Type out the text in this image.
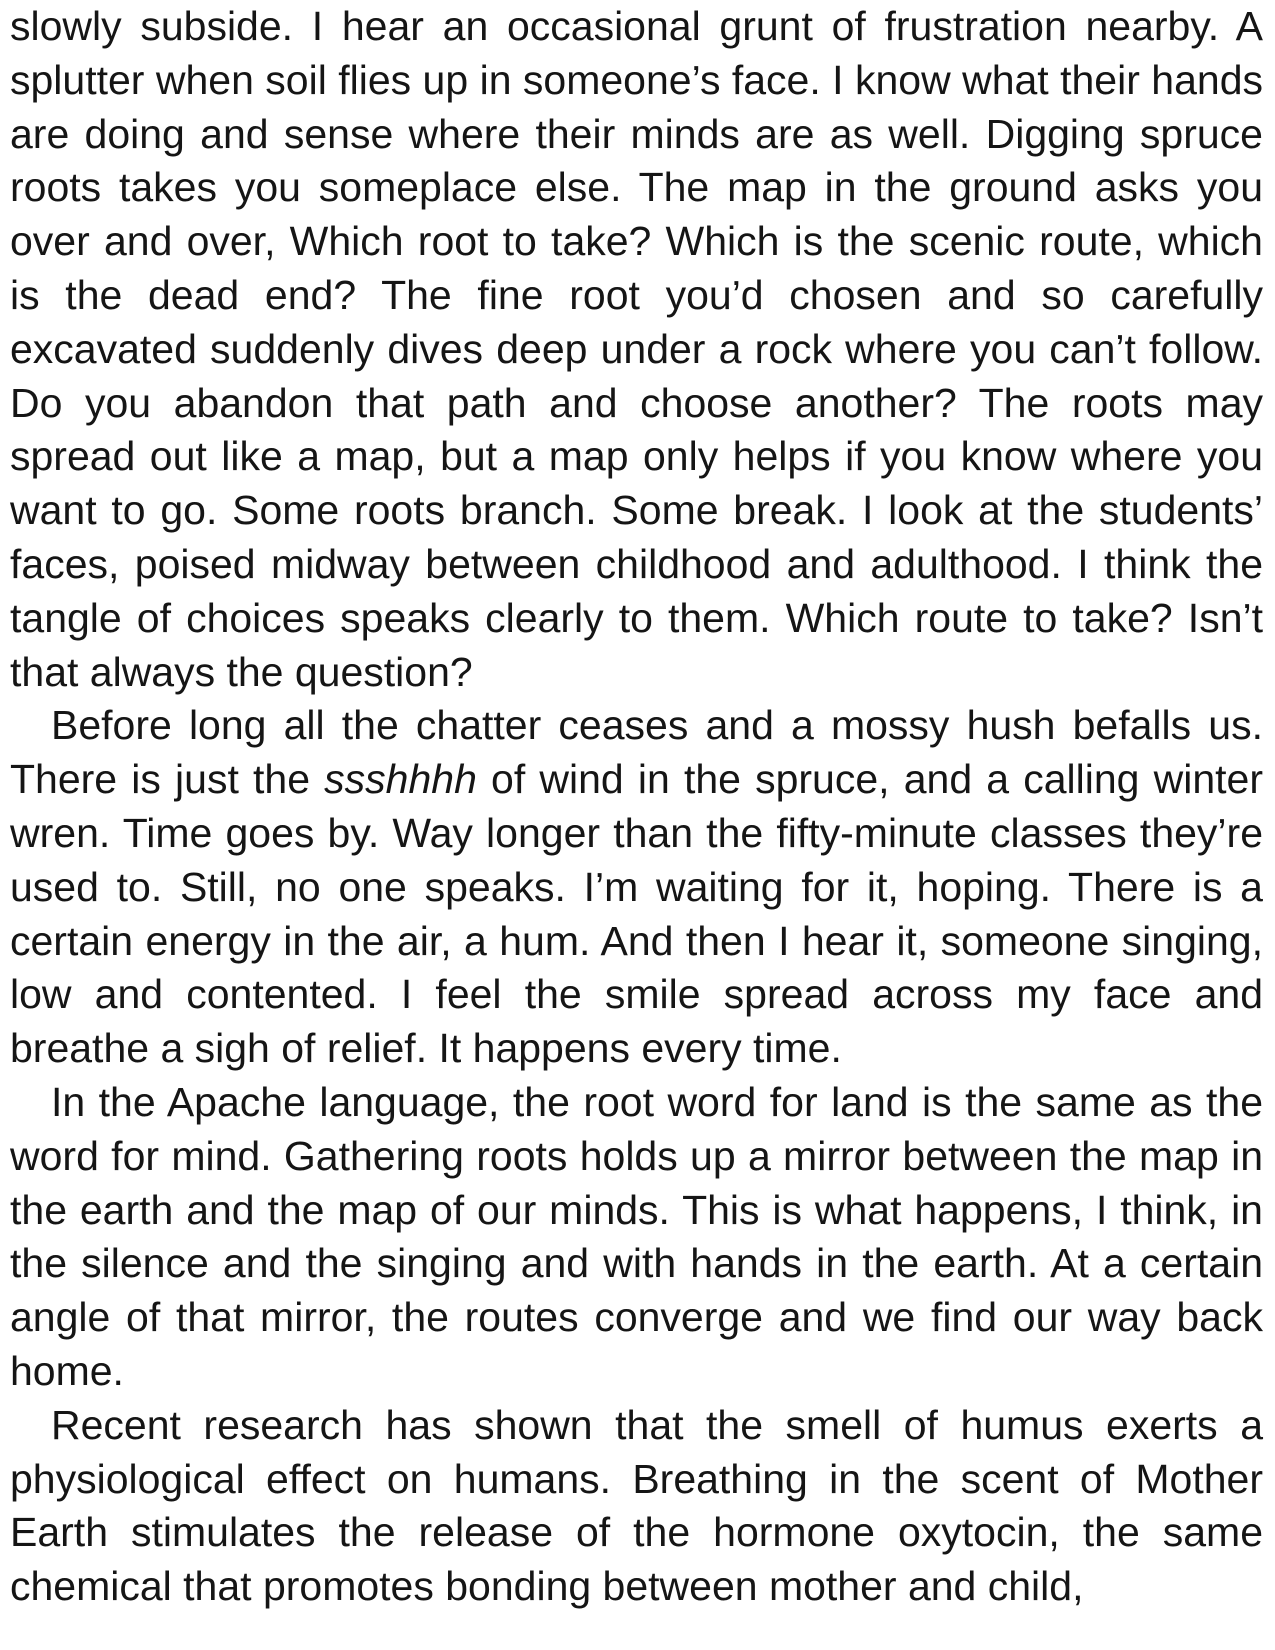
slowly subside. I hear an occasional grunt of frustration nearby. A splutter when soil flies up in someone’s face. I know what their hands are doing and sense where their minds are as well. Digging spruce roots takes you someplace else. The map in the ground asks you over and over, Which root to take? Which is the scenic route, which is the dead end? The fine root you’d chosen and so carefully excavated suddenly dives deep under a rock where you can’t follow. Do you abandon that path and choose another? The roots may spread out like a map, but a map only helps if you know where you want to go. Some roots branch. Some break. I look at the students’ faces, poised midway between childhood and adulthood. I think the tangle of choices speaks clearly to them. Which route to take? Isn’t that always the question?

Before long all the chatter ceases and a mossy hush befalls us. There is just the ssshhhh of wind in the spruce, and a calling winter wren. Time goes by. Way longer than the fifty-minute classes they’re used to. Still, no one speaks. I’m waiting for it, hoping. There is a certain energy in the air, a hum. And then I hear it, someone singing, low and contented. I feel the smile spread across my face and breathe a sigh of relief. It happens every time.

In the Apache language, the root word for land is the same as the word for mind. Gathering roots holds up a mirror between the map in the earth and the map of our minds. This is what happens, I think, in the silence and the singing and with hands in the earth. At a certain angle of that mirror, the routes converge and we find our way back home.

Recent research has shown that the smell of humus exerts a physiological effect on humans. Breathing in the scent of Mother Earth stimulates the release of the hormone oxytocin, the same chemical that promotes bonding between mother and child,
